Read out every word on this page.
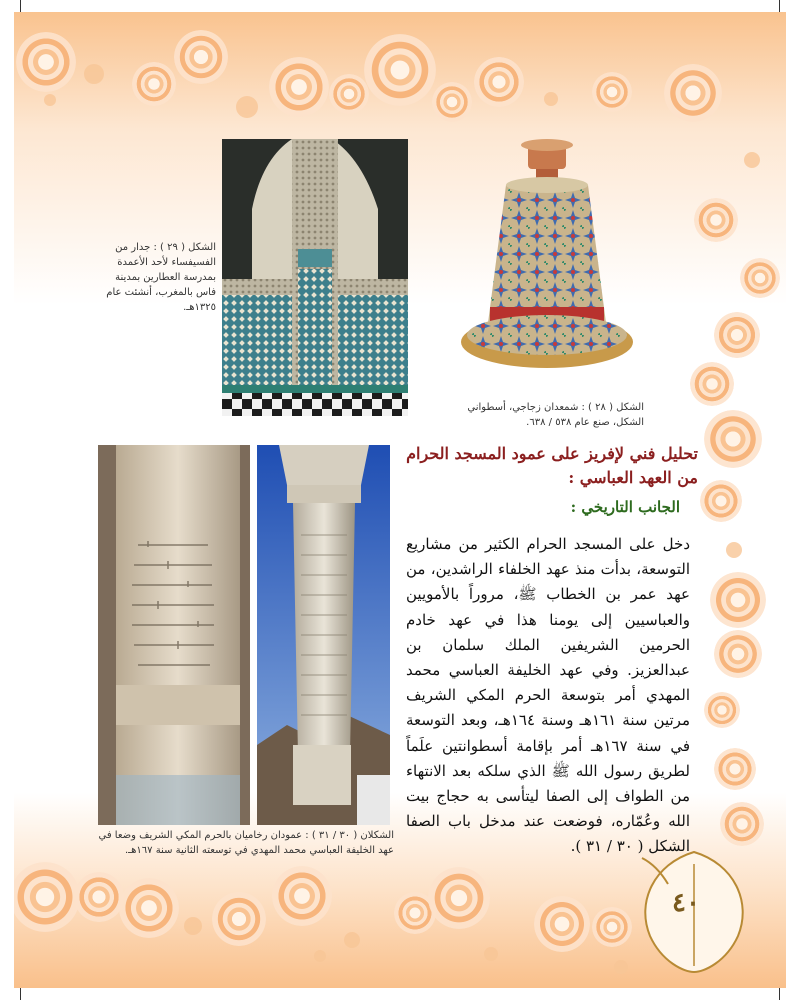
الشكل ( ٢٩ ) : جدار من الفسيفساء لأحد الأعمدة بمدرسة العطارين بمدينة فاس بالمغرب، أنشئت عام ١٣٢٥هـ.
الشكل ( ٢٨ ) : شمعدان زجاجي، أسطواني الشكل، صنع عام ٥٣٨ / ٦٣٨.
الشكلان ( ٣٠ / ٣١ ) : عمودان رخاميان بالحرم المكي الشريف وضعا في عهد الخليفة العباسي محمد المهدي في توسعته الثانية سنة ١٦٧هـ.
تحليل فني لإفريز على عمود المسجد الحرام من العهد العباسي :
الجانب التاريخي :
دخل على المسجد الحرام الكثير من مشاريع التوسعة، بدأت منذ عهد الخلفاء الراشدين، من عهد عمر بن الخطاب ﷺ، مروراً بالأمويين والعباسيين إلى يومنا هذا في عهد خادم الحرمين الشريفين الملك سلمان بن عبدالعزيز. وفي عهد الخليفة العباسي محمد المهدي أمر بتوسعة الحرم المكي الشريف مرتين سنة ١٦١هـ وسنة ١٦٤هـ، وبعد التوسعة في سنة ١٦٧هـ أمر بإقامة أسطوانتين علَماً لطريق رسول الله ﷺ الذي سلكه بعد الانتهاء من الطواف إلى الصفا ليتأسى به حجاج بيت الله وعُمّاره، فوضعت عند مدخل باب الصفا الشكل ( ٣٠ / ٣١ ).
٤٠
